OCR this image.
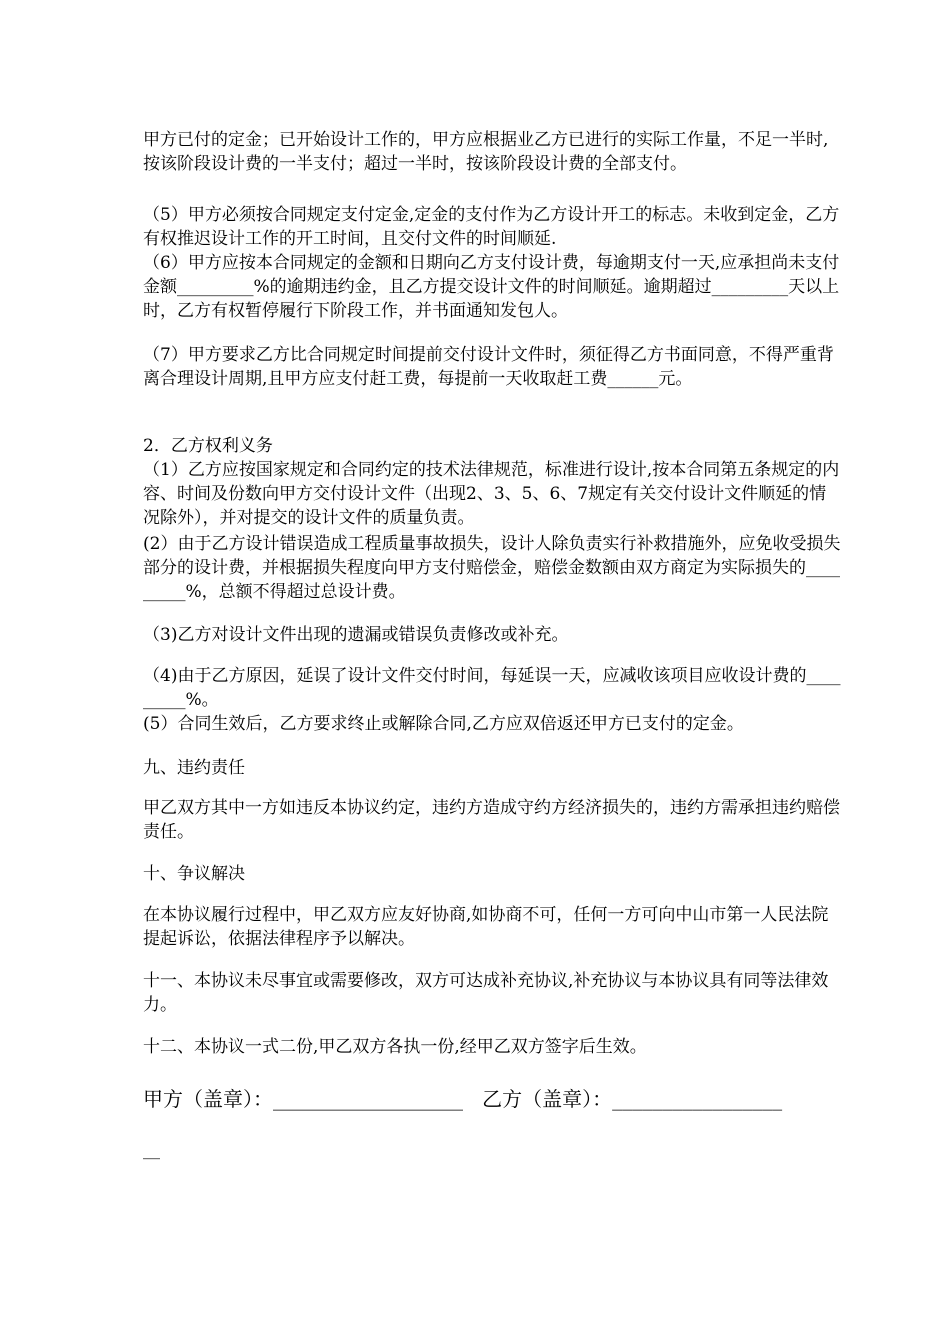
甲方已付的定金；已开始设计工作的，甲方应根据业乙方已进行的实际工作量，不足一半时,按该阶段设计费的一半支付；超过一半时，按该阶段设计费的全部支付。

（5）甲方必须按合同规定支付定金,定金的支付作为乙方设计开工的标志。未收到定金，乙方有权推迟设计工作的开工时间，且交付文件的时间顺延.

（6）甲方应按本合同规定的金额和日期向乙方支付设计费，每逾期支付一天,应承担尚未支付金额_________%的逾期违约金，且乙方提交设计文件的时间顺延。逾期超过_________天以上时，乙方有权暂停履行下阶段工作，并书面通知发包人。

（7）甲方要求乙方比合同规定时间提前交付设计文件时，须征得乙方书面同意，不得严重背离合理设计周期,且甲方应支付赶工费，每提前一天收取赶工费______元。

2．乙方权利义务

（1）乙方应按国家规定和合同约定的技术法律规范，标准进行设计,按本合同第五条规定的内容、时间及份数向甲方交付设计文件（出现2、3、5、6、7规定有关交付设计文件顺延的情况除外），并对提交的设计文件的质量负责。

(2）由于乙方设计错误造成工程质量事故损失，设计人除负责实行补救措施外，应免收受损失部分的设计费，并根据损失程度向甲方支付赔偿金，赔偿金数额由双方商定为实际损失的_________%，总额不得超过总设计费。

（3)乙方对设计文件出现的遗漏或错误负责修改或补充。

（4)由于乙方原因，延误了设计文件交付时间，每延误一天，应减收该项目应收设计费的_________%。

(5）合同生效后，乙方要求终止或解除合同,乙方应双倍返还甲方已支付的定金。

九、违约责任

甲乙双方其中一方如违反本协议约定，违约方造成守约方经济损失的，违约方需承担违约赔偿责任。

十、争议解决

在本协议履行过程中，甲乙双方应友好协商,如协商不可，任何一方可向中山市第一人民法院提起诉讼，依据法律程序予以解决。

十一、本协议未尽事宜或需要修改，双方可达成补充协议,补充协议与本协议具有同等法律效力。

十二、本协议一式二份,甲乙双方各执一份,经甲乙双方签字后生效。

甲方（盖章）：___________________   乙方（盖章）：_________________
__
